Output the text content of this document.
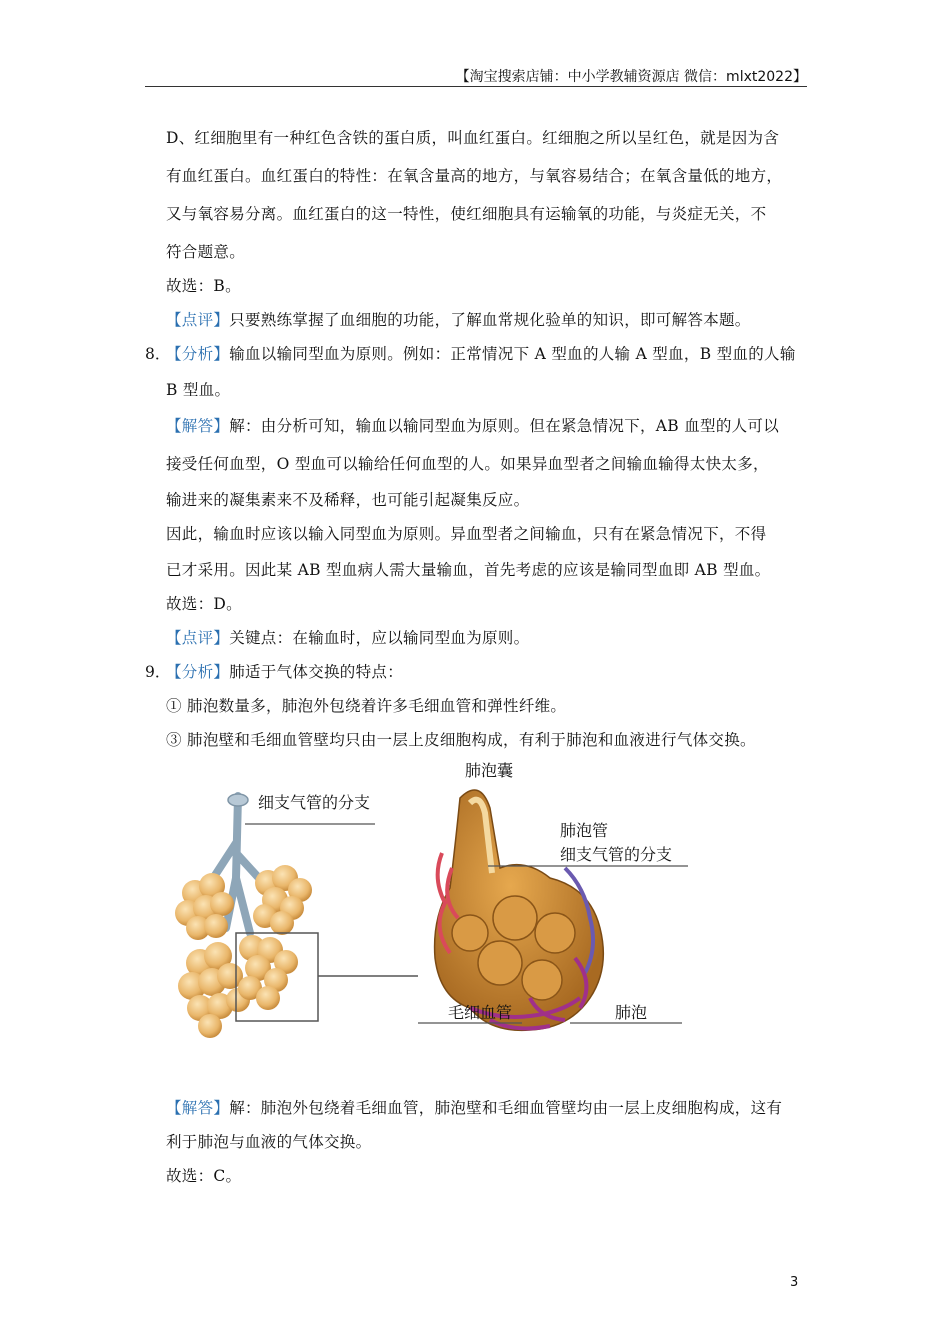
【淘宝搜索店铺：中小学教辅资源店 微信：mlxt2022】
D、红细胞里有一种红色含铁的蛋白质，叫血红蛋白。红细胞之所以呈红色，就是因为含
有血红蛋白。血红蛋白的特性：在氧含量高的地方，与氧容易结合；在氧含量低的地方，
又与氧容易分离。血红蛋白的这一特性，使红细胞具有运输氧的功能，与炎症无关，不
符合题意。
故选：B。
【点评】只要熟练掌握了血细胞的功能，了解血常规化验单的知识，即可解答本题。
8．
【分析】输血以输同型血为原则。例如：正常情况下 A 型血的人输 A 型血，B 型血的人输
B 型血。
【解答】解：由分析可知，输血以输同型血为原则。但在紧急情况下，AB 血型的人可以
接受任何血型，O 型血可以输给任何血型的人。如果异血型者之间输血输得太快太多，
输进来的凝集素来不及稀释，也可能引起凝集反应。
因此，输血时应该以输入同型血为原则。异血型者之间输血，只有在紧急情况下，不得
已才采用。因此某 AB 型血病人需大量输血，首先考虑的应该是输同型血即 AB 型血。
故选：D。
【点评】关键点：在输血时，应以输同型血为原则。
9．
【分析】肺适于气体交换的特点：
① 肺泡数量多，肺泡外包绕着许多毛细血管和弹性纤维。
③ 肺泡壁和毛细血管壁均只由一层上皮细胞构成，有利于肺泡和血液进行气体交换。
细支气管的分支
肺泡囊
肺泡管
细支气管的分支
毛细血管	肺泡
【解答】解：肺泡外包绕着毛细血管，肺泡壁和毛细血管壁均由一层上皮细胞构成，这有
利于肺泡与血液的气体交换。
故选：C。
3
